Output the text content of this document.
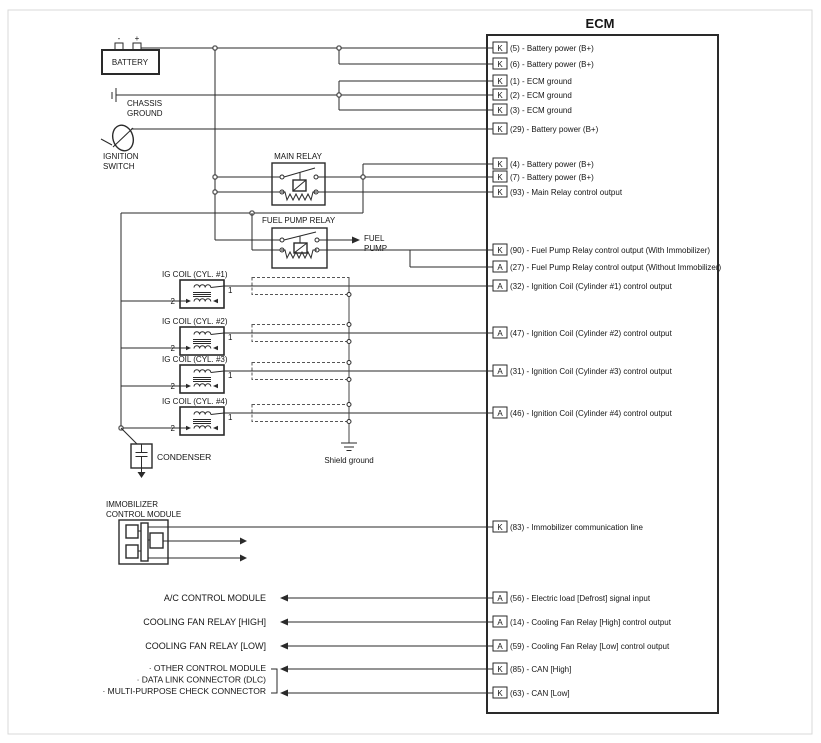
ECM
K (5) - Battery power (B+)
K (6) - Battery power (B+)
K (1) - ECM ground
K (2) - ECM ground
K (3) - ECM ground
K (29) - Battery power (B+)
K (4) - Battery power (B+)
K (7) - Battery power (B+)
K (93) - Main Relay control output
K (90) - Fuel Pump Relay control output (With Immobilizer)
A (27) - Fuel Pump Relay control output (Without Immobilizer)
A (32) - Ignition Coil (Cylinder #1) control output
A (47) - Ignition Coil (Cylinder #2) control output
A (31) - Ignition Coil (Cylinder #3) control output
A (46) - Ignition Coil (Cylinder #4) control output
K (83) - Immobilizer communication line
A (56) - Electric load [Defrost] signal input
A (14) - Cooling Fan Relay [High] control output
A (59) - Cooling Fan Relay [Low] control output
K (85) - CAN [High]
K (63) - CAN [Low]
- +
BATTERY
CHASSIS
GROUND
IGNITION
SWITCH
MAIN RELAY
FUEL PUMP RELAY
FUEL
PUMP
IG COIL (CYL. #1)
2
1
IG COIL (CYL. #2)
2
1
IG COIL (CYL. #3)
2
1
IG COIL (CYL. #4)
2
1
Shield ground
CONDENSER
IMMOBILIZER
CONTROL MODULE
A/C CONTROL MODULE
COOLING FAN RELAY [HIGH]
COOLING FAN RELAY [LOW]
· OTHER CONTROL MODULE
· DATA LINK CONNECTOR (DLC)
· MULTI-PURPOSE CHECK CONNECTOR
